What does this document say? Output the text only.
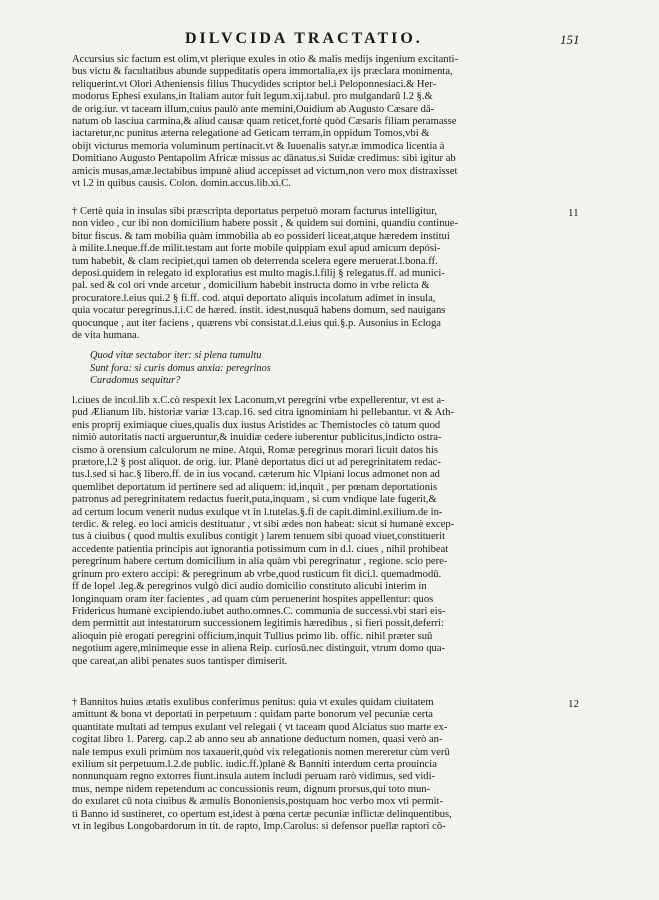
DILVCIDA TRACTATIO.	151
Accursius sic factum est olim,vt plerique exules in otio & malis medijs ingenium excitanti-
bus victu & facultatibus abunde suppeditatis opera immortalia,ex ijs præclara monimenta,
reliquerint.vt Olori Atheniensis filius Thucydides scriptor bel.i Peloponnesiaci.& Her-
modorus Ephesi exulans,in Italiam autor fuit legum.xij.tabul. pro mulgandarū l.2 §.&
de orig.iur. vt taceam illum,cuius paulò ante memini,Ouidium ab Augusto Cæsare dā-
natum ob lasciua carmina,& aliud causæ quam reticet,fortè quòd Cæsaris filiam peramasse
iactaretur,nc punitus æterna relegatione ad Geticam terram,in oppidum Tomos,vbi &
obijt victurus memoria voluminum pertinacit.vt & Iuuenalis satyr.æ immodica licentia à
Domitiano Augusto Pentapolim Africæ missus ac dānatus.si Suidæ credimus: sibi igitur ab
amicis musas,amæ.lectabibus impunè aliud accepisset ad victum,non vero mox distraxisset
vt l.2 in quibus causis. Colon. domin.accus.lib.xi.C.
† Certè quia in insulas sibi præscripta deportatus perpetuò moram facturus intelligitur,
non video , cur ibi non domicilium habere possit , & quidem sui domini, quandiu continue-
bitur fiscus. & tam mobilia quàm immobilia ab eo possideri liceat,atque hæredem institui
à milite.l.neque.ff.de milit.testam aut forte mobile quippiam exul apud amicum depósi-
tum habebit, & clam recipiet,qui tamen ob deterrenda scelera egere meruerat.l.bona.ff.
deposi.quidem in relegato id exploratius est multo magis.l.filij § relegatus.ff. ad munici-
pal. sed & col ori vnde arcetur , domicilium habebit instructa domo in vrbe relicta &
procuratore.l.eius qui.2 § fi.ff. cod. atqui deportato aliquis incolatum adimet in insula,
quia vocatur peregrinus.l.i.C de hæred. instit. idest,nusquā habens domum, sed nauigans
quocunque , aut iter faciens , quærens vbi consistat.d.l.eius qui.§.p. Ausonius in Ecloga
de vita humana.
Quod vitæ sectabor iter: si plena tumultu
Sunt fora: si curis domus anxia: peregrinos
Curadomus sequitur?
l.ciues de incol.lib x.C.cò respexit lex Laconum,vt peregrini vrbe expellerentur, vt est a-
pud Ælianum lib. historiæ variæ 13.cap.16. sed citra ignominiam hi pellebantur. vt & Ath-
enis proprij eximiaque ciues,qualis dux iustus Aristides ac Themistocles cò tatum quod
nimiò autoritatis nacti argueruntur,& inuidiæ cedere iuberentur publicitus,indicto ostra-
cismo à orensium calculorum ne mine. Atqui, Romæ peregrinus morari licuit datos his
prætore,l.2 § post aliquot. de orig. iur. Planè deportatus dici ut ad peregrinitatem redac-
tus.l.sed si hac.§ libero.ff. de in ius vocand. cæterum hic Vlpiani locus admonet non ad
quemlibet deportatum id pertinere sed ad aliquem: id,inquit , per pœnam deportationis
patronus ad peregrinitatem redactus fuerit,puta,inquam , si cum vndique late fugerit,&
ad certum locum venerit nudus exulque vt in l.tutelas.§.fi de capit.diminl.exilium.de in-
terdic. & releg. eo loci amicis destituatur , vt sibi ædes non habeat: sicut si humanè excep-
tus à ciuibus ( quod multis exulibus contigit ) larem tenuem sibi quoad viuet,constituerit
accedente patientia principis aut ignorantia potissimum cum in d.l. ciues , nihil prohibeat
peregrinum habere certum domicilium in alia quàm vbi peregrinatur , regione. scio pere-
grinum pro extero accipi: & peregrinum ab vrbe,quod rusticum fit dici.l. quemadmodū.
ff de lopel .leg.& peregrinos vulgò dici audio domicilio constituto alicubi interim in
longinquam oram iter facientes , ad quam cùm peruenerint hospites appellentur: quos
Fridericus humanè excipiendo.iubet autho.omnes.C. communia de successi.vbi stari eis-
dem permittit aut intestatorum successionem legitimis hæredibus , si fieri possit,deferri:
alioquin piè erogati peregrini officium,inquit Tullius primo lib. offic. nihil præter suū
negotium agere,minimeque esse in aliena Reip. curiosū.nec distinguit, vtrum domo qua-
que careat,an alibi penates suos tantisper dimiserit.
† Bannitos huius ætatis exulibus conferimus penitus: quia vt exules quidam ciuitatem
amittunt & bona vt deportati in perpetuum : quidam parte bonorum vel pecuniæ certa
quantitate multati ad tempus exulant vel relegati ( vt taceam quod Alciatus suo marte ex-
cogitat libro 1. Parerg. cap.2 ab anno seu ab annatione deductum nomen, quasi verò an-
nale tempus exuli primùm nos taxauerit,quòd vix relegationis nomen mereretur cùm verū
exilium sit perpetuum.l.2.de public. iudic.ff.)planè & Banniti interdum certa prouincia
nonnunquam regno extorres fiunt.insula autem includi peruam rarò vidimus, sed vidi-
mus, nempe nidem repetendum ac concussionis reum, dignum prorsus,qui toto mun-
do exularet cū nota ciuibus & æmulis Bononiensis,postquam hoc verbo mox vti permit-
ti Banno id sustineret, co opertum est,idest à pœna certæ pecuniæ inflictæ delinquentibus,
vt in legibus Longobardorum in tit. de rapto, Imp.Carolus: si defensor puellæ raptori cō-
11
12
